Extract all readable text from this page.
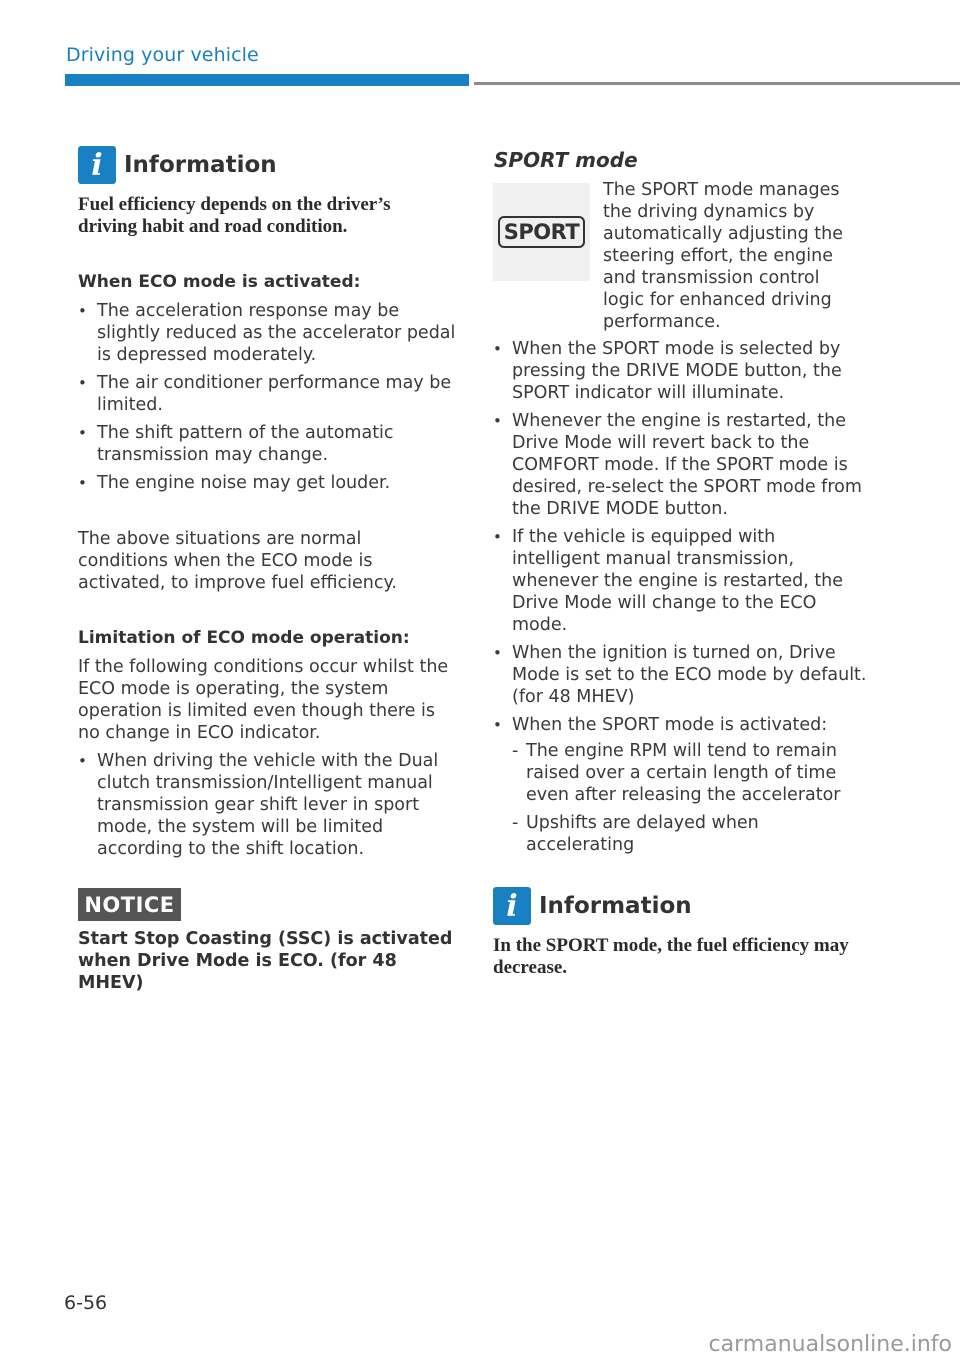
Driving your vehicle
i Information
Fuel efficiency depends on the driver’s driving habit and road condition.
When ECO mode is activated:
• The acceleration response may be slightly reduced as the accelerator pedal is depressed moderately.
• The air conditioner performance may be limited.
• The shift pattern of the automatic transmission may change.
• The engine noise may get louder.

The above situations are normal conditions when the ECO mode is activated, to improve fuel efficiency.

Limitation of ECO mode operation:

If the following conditions occur whilst the ECO mode is operating, the system operation is limited even though there is no change in ECO indicator.

• When driving the vehicle with the Dual clutch transmission/Intelligent manual transmission gear shift lever in sport mode, the system will be limited according to the shift location.
NOTICE
Start Stop Coasting (SSC) is activated when Drive Mode is ECO. (for 48 MHEV)
SPORT mode
SPORT

The SPORT mode manages the driving dynamics by automatically adjusting the steering effort, the engine and transmission control logic for enhanced driving performance.

• When the SPORT mode is selected by pressing the DRIVE MODE button, the SPORT indicator will illuminate.
• Whenever the engine is restarted, the Drive Mode will revert back to the COMFORT mode. If the SPORT mode is desired, re-select the SPORT mode from the DRIVE MODE button.
• If the vehicle is equipped with intelligent manual transmission, whenever the engine is restarted, the Drive Mode will change to the ECO mode.
• When the ignition is turned on, Drive Mode is set to the ECO mode by default. (for 48 MHEV)
• When the SPORT mode is activated:
- The engine RPM will tend to remain raised over a certain length of time even after releasing the accelerator
- Upshifts are delayed when accelerating
i Information
In the SPORT mode, the fuel efficiency may decrease.
6-56
carmanualsonline.info
